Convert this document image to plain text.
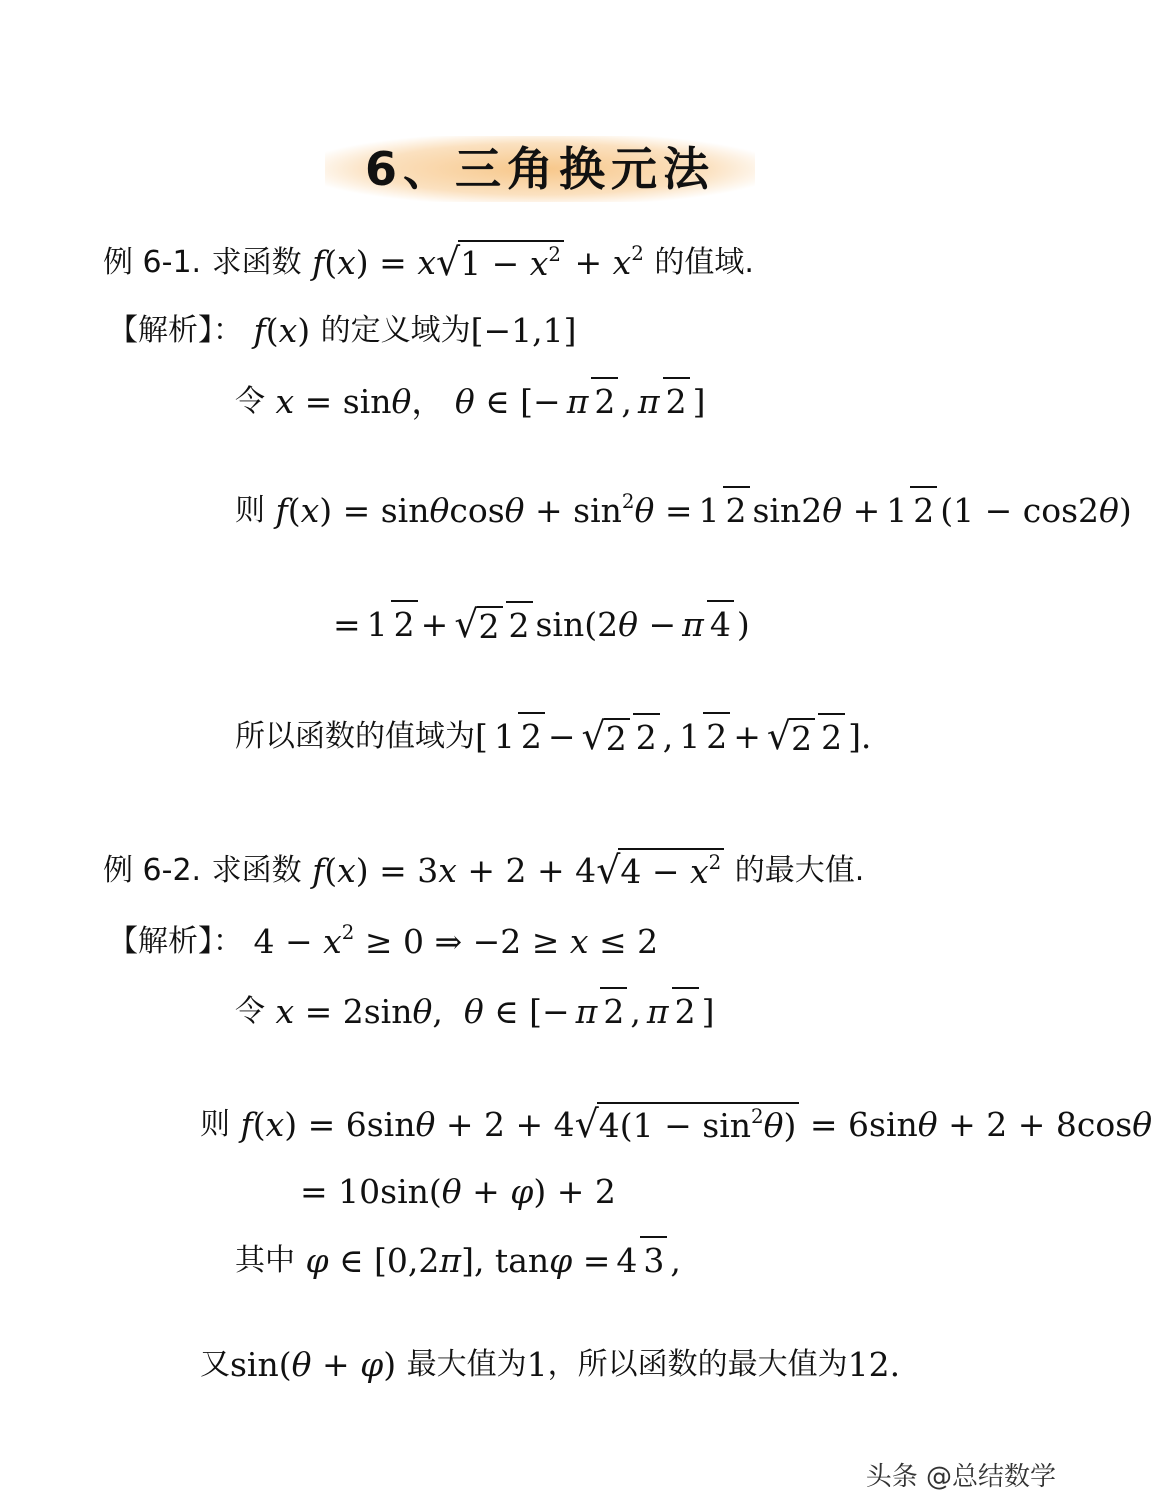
6、三角换元法
例 6-1.
求函数
f(x) = x $√1 - x^2 + x^2$
的值域.
【解析】：
f(x)
的定义域为 [−1,1]
令
x = sinθ， θ ∈ [− π 2 , π 2 ]
则
$f(x) = \sin\theta\cos\theta + \sin^2\theta = 1$ 2 sin2θ + 1 2 (1 − cos2θ)
= 1 2 + √ 2 2 sin(2θ − π 4 )
所以函数的值域为 [ 1 2 − √ 2 2 , 1 2 + √ 2 2 ].
例 6-2.
求函数
f(x) = 3x + 2 + 4 $√4 - x^2$
的最大值.
【解析】：
$4 - x^2 \ge 0$ ⇒ −2 ≥ x ≤ 2
令
x = 2sinθ,  θ ∈ [− π 2 , π 2 ]
则
f(x) = 6sinθ + 2 + 4 $√4(1 - \sin^2\theta) = 6\sin\theta + 2 + 8\cos\theta$
= 10sin(θ + φ) + 2
其中
φ ∈ [0,2π], tanφ = 4 3 ,
又 sin(θ + φ)
最大值为 1 ，所以函数的最大值为 12.
头条 @总结数学
